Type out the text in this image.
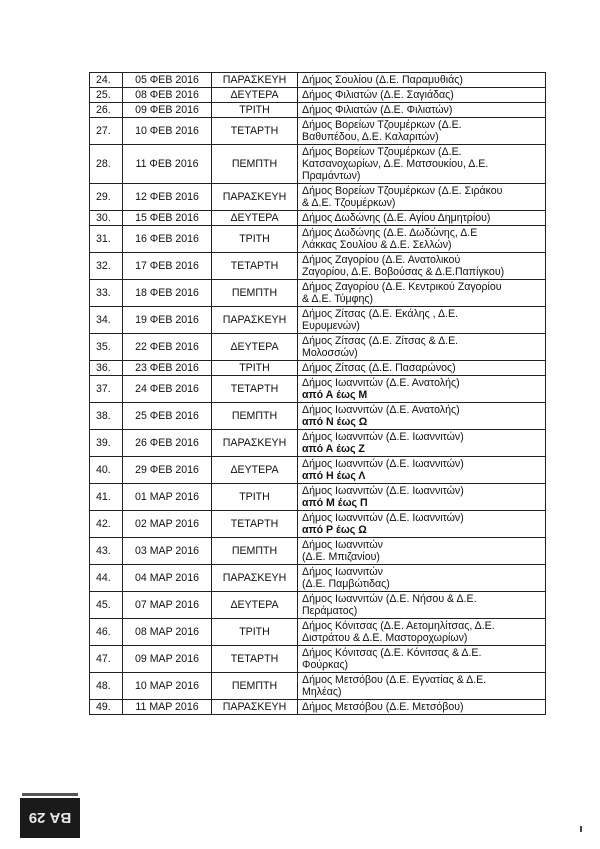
24.	05 ΦΕΒ 2016	ΠΑΡΑΣΚΕΥΗ	Δήμος Σουλίου (Δ.Ε. Παραμυθιάς)

25.	08 ΦΕΒ 2016	ΔΕΥΤΕΡΑ	Δήμος Φιλιατών (Δ.Ε. Σαγιάδας)

26.	09 ΦΕΒ 2016	ΤΡΙΤΗ	Δήμος Φιλιατών (Δ.Ε. Φιλιατών)

27.	10 ΦΕΒ 2016	ΤΕΤΑΡΤΗ	Δήμος Βορείων Τζουμέρκων (Δ.Ε.
Βαθυπέδου, Δ.Ε. Καλαριτών)

28.	11 ΦΕΒ 2016	ΠΕΜΠΤΗ	Δήμος Βορείων Τζουμέρκων (Δ.Ε.
Κατσανοχωρίων, Δ.Ε. Ματσουκίου, Δ.Ε.
Πραμάντων)

29.	12 ΦΕΒ 2016	ΠΑΡΑΣΚΕΥΗ	Δήμος Βορείων Τζουμέρκων (Δ.Ε. Σιράκου
& Δ.Ε. Τζουμέρκων)

30.	15 ΦΕΒ 2016	ΔΕΥΤΕΡΑ	Δήμος Δωδώνης (Δ.Ε. Αγίου Δημητρίου)

31.	16 ΦΕΒ 2016	ΤΡΙΤΗ	Δήμος Δωδώνης (Δ.Ε. Δωδώνης, Δ.Ε
Λάκκας Σουλίου & Δ.Ε. Σελλών)

32.	17 ΦΕΒ 2016	ΤΕΤΑΡΤΗ	Δήμος Ζαγορίου (Δ.Ε. Ανατολικού
Ζαγορίου, Δ.Ε. Βοβούσας & Δ.Ε.Παπίγκου)

33.	18 ΦΕΒ 2016	ΠΕΜΠΤΗ	Δήμος Ζαγορίου (Δ.Ε. Κεντρικού Ζαγορίου
& Δ.Ε. Τύμφης)

34.	19 ΦΕΒ 2016	ΠΑΡΑΣΚΕΥΗ	Δήμος Ζίτσας (Δ.Ε. Εκάλης , Δ.Ε.
Ευρυμενών)

35.	22 ΦΕΒ 2016	ΔΕΥΤΕΡΑ	Δήμος Ζίτσας (Δ.Ε. Ζίτσας & Δ.Ε.
Μολοσσών)

36.	23 ΦΕΒ 2016	ΤΡΙΤΗ	Δήμος Ζίτσας (Δ.Ε. Πασαρώνος)

37.	24 ΦΕΒ 2016	ΤΕΤΑΡΤΗ	Δήμος Ιωαννιτών (Δ.Ε. Ανατολής)
από Α έως Μ

38.	25 ΦΕΒ 2016	ΠΕΜΠΤΗ	Δήμος Ιωαννιτών (Δ.Ε. Ανατολής)
από Ν έως Ω

39.	26 ΦΕΒ 2016	ΠΑΡΑΣΚΕΥΗ	Δήμος Ιωαννιτών (Δ.Ε. Ιωαννιτών)
από Α έως Ζ

40.	29 ΦΕΒ 2016	ΔΕΥΤΕΡΑ	Δήμος Ιωαννιτών (Δ.Ε. Ιωαννιτών)
από Η έως Λ

41.	01 ΜΑΡ 2016	ΤΡΙΤΗ	Δήμος Ιωαννιτών (Δ.Ε. Ιωαννιτών)
από Μ έως Π

42.	02 ΜΑΡ 2016	ΤΕΤΑΡΤΗ	Δήμος Ιωαννιτών (Δ.Ε. Ιωαννιτών)
από Ρ έως Ω

43.	03 ΜΑΡ 2016	ΠΕΜΠΤΗ	Δήμος Ιωαννιτών
(Δ.Ε. Μπιζανίου)

44.	04 ΜΑΡ 2016	ΠΑΡΑΣΚΕΥΗ	Δήμος Ιωαννιτών
(Δ.Ε. Παμβώτιδας)

45.	07 ΜΑΡ 2016	ΔΕΥΤΕΡΑ	Δήμος Ιωαννιτών (Δ.Ε. Νήσου & Δ.Ε.
Περάματος)

46.	08 ΜΑΡ 2016	ΤΡΙΤΗ	Δήμος Κόνιτσας (Δ.Ε. Αετομηλίτσας, Δ.Ε.
Διστράτου & Δ.Ε. Μαστοροχωρίων)

47.	09 ΜΑΡ 2016	ΤΕΤΑΡΤΗ	Δήμος Κόνιτσας (Δ.Ε. Κόνιτσας & Δ.Ε.
Φούρκας)

48.	10 ΜΑΡ 2016	ΠΕΜΠΤΗ	Δήμος Μετσόβου (Δ.Ε. Εγνατίας & Δ.Ε.
Μηλέας)

49.	11 ΜΑΡ 2016	ΠΑΡΑΣΚΕΥΗ	Δήμος Μετσόβου (Δ.Ε. Μετσόβου)
ΒΑ 29
